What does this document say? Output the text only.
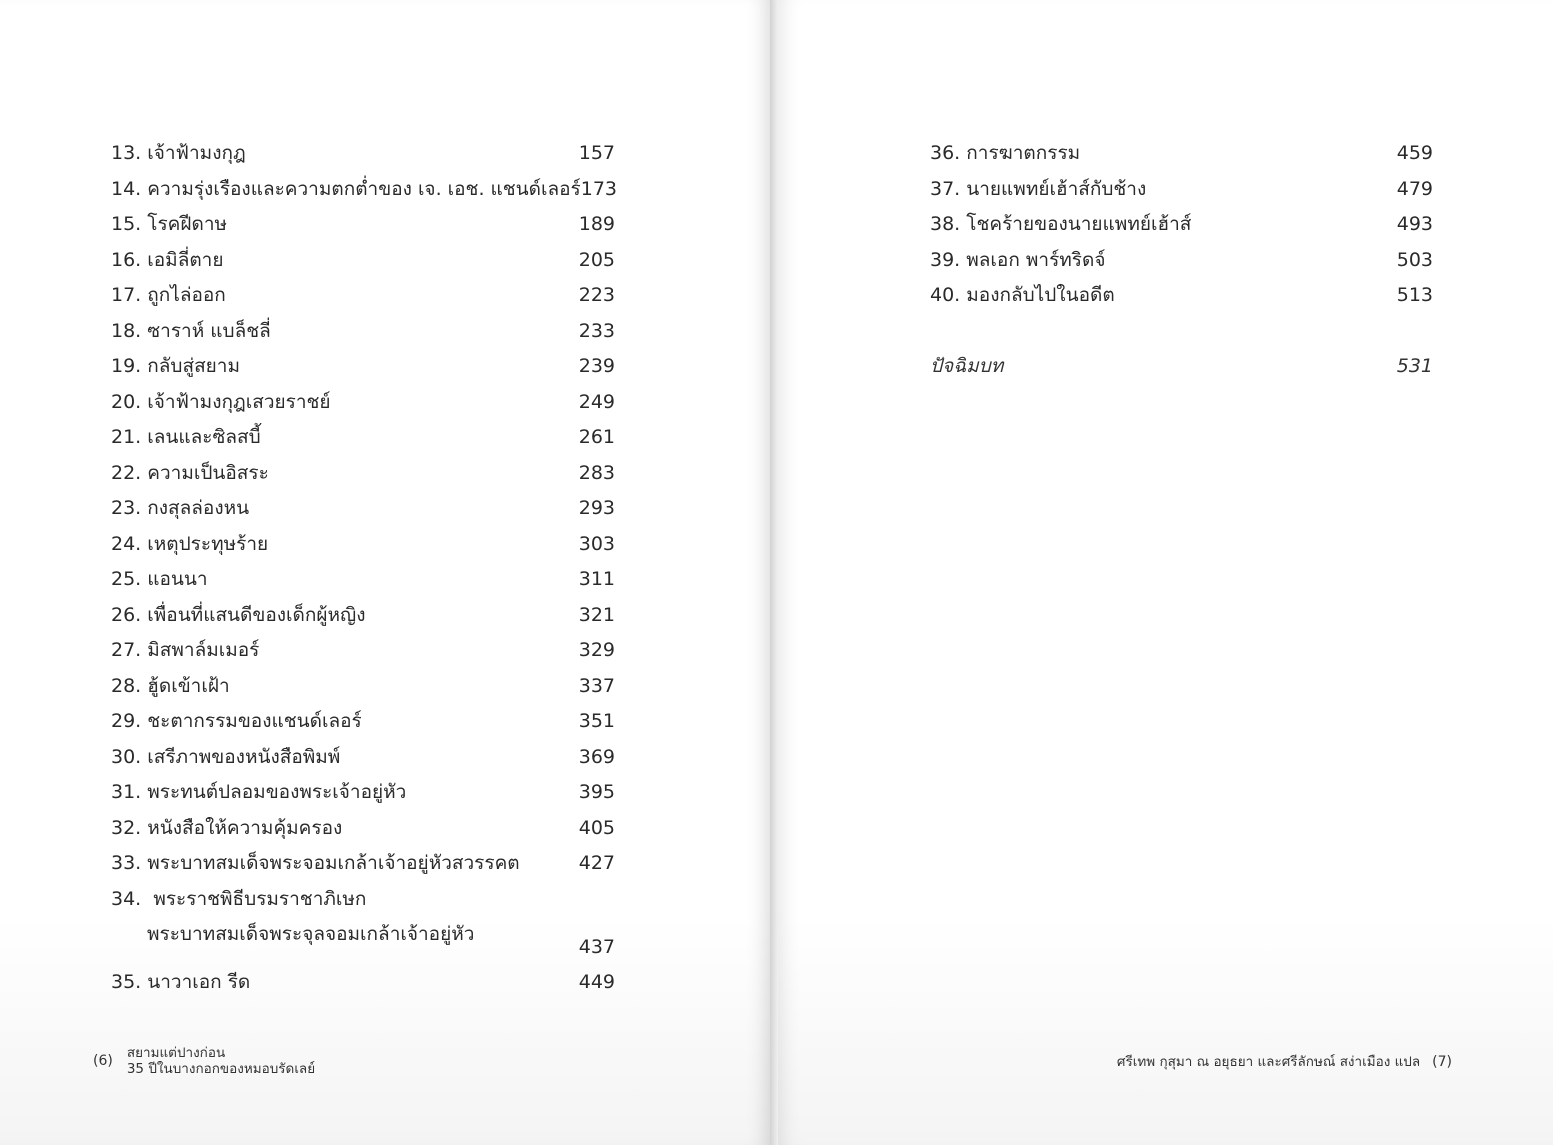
13.
เจ้าฟ้ามงกุฎ	157
14.
ความรุ่งเรืองและความตกต่ำของ เจ. เอช. แชนด์เลอร์ 173
15.
โรคฝีดาษ	189
16.
เอมิลี่ตาย	205
17.
ถูกไล่ออก	223
18.
ซาราห์ แบล็ชลี่	233
19.
กลับสู่สยาม	239
20.
เจ้าฟ้ามงกุฎเสวยราชย์	249
21.
เลนและซิลสบี้	261
22.
ความเป็นอิสระ	283
23.
กงสุลล่องหน	293
24.
เหตุประทุษร้าย	303
25.
แอนนา	311
26.
เพื่อนที่แสนดีของเด็กผู้หญิง	321
27.
มิสพาล์มเมอร์	329
28.
ฮู้ดเข้าเฝ้า	337
29.
ชะตากรรมของแชนด์เลอร์	351
30.
เสรีภาพของหนังสือพิมพ์	369
31.
พระทนต์ปลอมของพระเจ้าอยู่หัว	395
32.
หนังสือให้ความคุ้มครอง	405
33.
พระบาทสมเด็จพระจอมเกล้าเจ้าอยู่หัวสวรรคต	427
34.
พระราชพิธีบรมราชาภิเษก
พระบาทสมเด็จพระจุลจอมเกล้าเจ้าอยู่หัว
437
35.
นาวาเอก รีด	449
(6) สยามแต่ปางก่อน
35 ปีในบางกอกของหมอบรัดเลย์	ศรีเทพ กุสุมา ณ อยุธยา และศรีลักษณ์ สง่าเมือง แปล (7)
36.
การฆาตกรรม	459
37.
นายแพทย์เฮ้าส์กับช้าง	479
38.
โชคร้ายของนายแพทย์เฮ้าส์	493
39.
พลเอก พาร์ทริดจ์	503
40.
มองกลับไปในอดีต	513
ปัจฉิมบท	531
